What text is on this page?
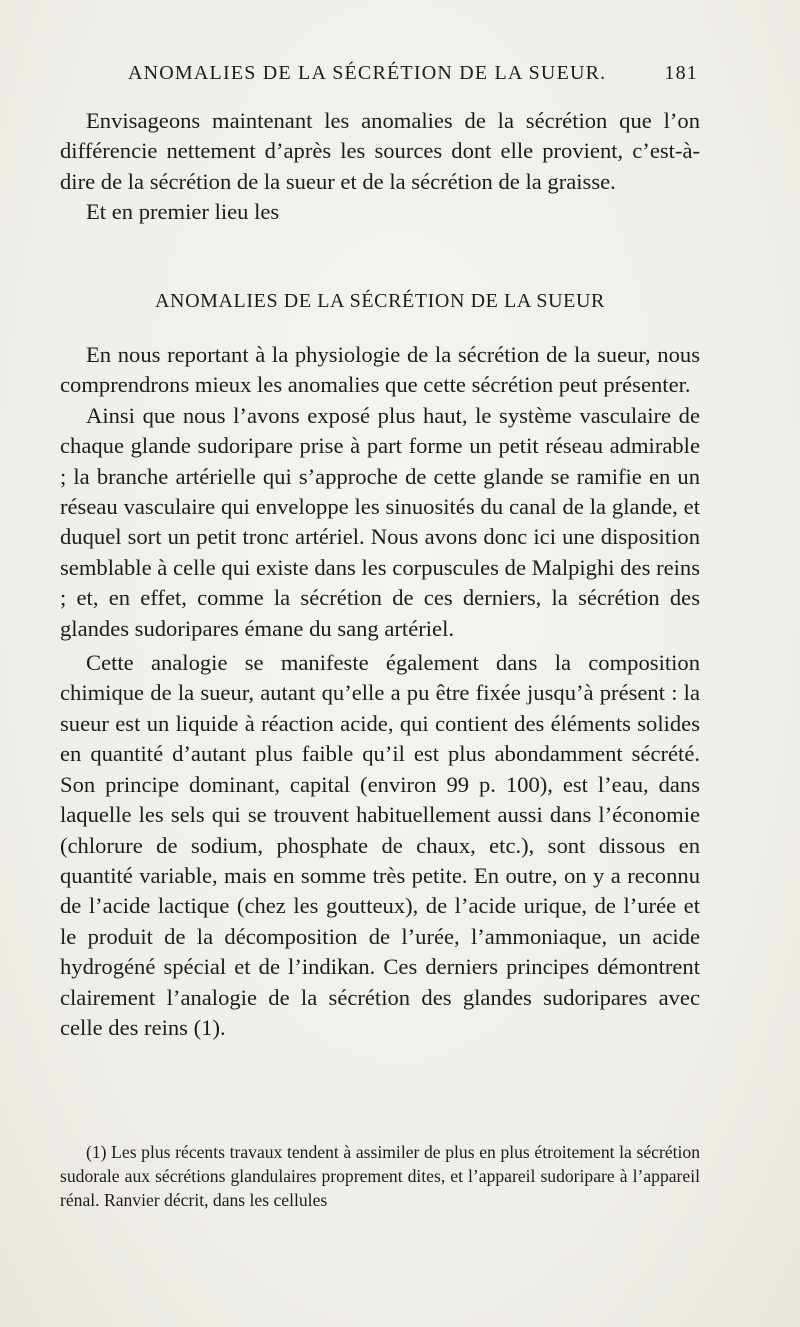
ANOMALIES DE LA SÉCRÉTION DE LA SUEUR.	181

Envisageons maintenant les anomalies de la sécrétion que l’on différencie nettement d’après les sources dont elle provient, c’est-à-dire de la sécrétion de la sueur et de la sécrétion de la graisse.

Et en premier lieu les

ANOMALIES DE LA SÉCRÉTION DE LA SUEUR

En nous reportant à la physiologie de la sécrétion de la sueur, nous comprendrons mieux les anomalies que cette sécrétion peut présenter.

Ainsi que nous l’avons exposé plus haut, le système vasculaire de chaque glande sudoripare prise à part forme un petit réseau admirable ; la branche artérielle qui s’approche de cette glande se ramifie en un réseau vasculaire qui enveloppe les sinuosités du canal de la glande, et duquel sort un petit tronc artériel. Nous avons donc ici une disposition semblable à celle qui existe dans les corpuscules de Malpighi des reins ; et, en effet, comme la sécrétion de ces derniers, la sécrétion des glandes sudoripares émane du sang artériel.

Cette analogie se manifeste également dans la composition chimique de la sueur, autant qu’elle a pu être fixée jusqu’à présent : la sueur est un liquide à réaction acide, qui contient des éléments solides en quantité d’autant plus faible qu’il est plus abondamment sécrété. Son principe dominant, capital (environ 99 p. 100), est l’eau, dans laquelle les sels qui se trouvent habituellement aussi dans l’économie (chlorure de sodium, phosphate de chaux, etc.), sont dissous en quantité variable, mais en somme très petite. En outre, on y a reconnu de l’acide lactique (chez les goutteux), de l’acide urique, de l’urée et le produit de la décomposition de l’urée, l’ammoniaque, un acide hydrogéné spécial et de l’indikan. Ces derniers principes démontrent clairement l’analogie de la sécrétion des glandes sudoripares avec celle des reins (1).

(1) Les plus récents travaux tendent à assimiler de plus en plus étroitement la sécrétion sudorale aux sécrétions glandulaires proprement dites, et l’appareil sudoripare à l’appareil rénal. Ranvier décrit, dans les cellules
